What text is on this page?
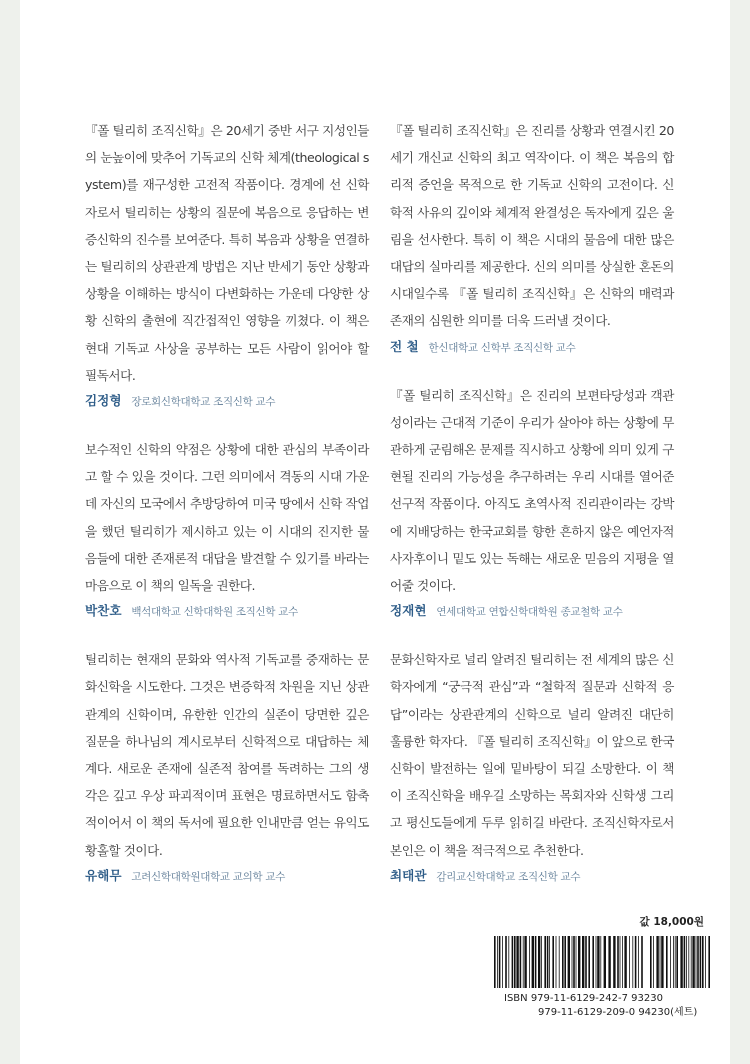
『폴 틸리히 조직신학』은 20세기 중반 서구 지성인들의 눈높이에 맞추어 기독교의 신학 체계(theological system)를 재구성한 고전적 작품이다. 경계에 선 신학자로서 틸리히는 상황의 질문에 복음으로 응답하는 변증신학의 진수를 보여준다. 특히 복음과 상황을 연결하는 틸리히의 상관관계 방법은 지난 반세기 동안 상황과 상황을 이해하는 방식이 다변화하는 가운데 다양한 상황 신학의 출현에 직간접적인 영향을 끼쳤다. 이 책은 현대 기독교 사상을 공부하는 모든 사람이 읽어야 할 필독서다.

김정형 장로회신학대학교 조직신학 교수

보수적인 신학의 약점은 상황에 대한 관심의 부족이라고 할 수 있을 것이다. 그런 의미에서 격동의 시대 가운데 자신의 모국에서 추방당하여 미국 땅에서 신학 작업을 했던 틸리히가 제시하고 있는 이 시대의 진지한 물음들에 대한 존재론적 대답을 발견할 수 있기를 바라는 마음으로 이 책의 일독을 권한다.

박찬호 백석대학교 신학대학원 조직신학 교수

틸리히는 현재의 문화와 역사적 기독교를 중재하는 문화신학을 시도한다. 그것은 변증학적 차원을 지닌 상관관계의 신학이며, 유한한 인간의 실존이 당면한 깊은 질문을 하나님의 계시로부터 신학적으로 대답하는 체계다. 새로운 존재에 실존적 참여를 독려하는 그의 생각은 깊고 우상 파괴적이며 표현은 명료하면서도 함축적이어서 이 책의 독서에 필요한 인내만큼 얻는 유익도 황홀할 것이다.

유해무 고려신학대학원대학교 교의학 교수

『폴 틸리히 조직신학』은 진리를 상황과 연결시킨 20세기 개신교 신학의 최고 역작이다. 이 책은 복음의 합리적 증언을 목적으로 한 기독교 신학의 고전이다. 신학적 사유의 깊이와 체계적 완결성은 독자에게 깊은 울림을 선사한다. 특히 이 책은 시대의 물음에 대한 많은 대답의 실마리를 제공한다. 신의 의미를 상실한 혼돈의 시대일수록 『폴 틸리히 조직신학』은 신학의 매력과 존재의 심원한 의미를 더욱 드러낼 것이다.

전 철 한신대학교 신학부 조직신학 교수

『폴 틸리히 조직신학』은 진리의 보편타당성과 객관성이라는 근대적 기준이 우리가 살아야 하는 상황에 무관하게 군림해온 문제를 직시하고 상황에 의미 있게 구현될 진리의 가능성을 추구하려는 우리 시대를 열어준 선구적 작품이다. 아직도 초역사적 진리관이라는 강박에 지배당하는 한국교회를 향한 흔하지 않은 예언자적 사자후이니 밑도 있는 독해는 새로운 믿음의 지평을 열어줄 것이다.

정재현 연세대학교 연합신학대학원 종교철학 교수

문화신학자로 널리 알려진 틸리히는 전 세계의 많은 신학자에게 “궁극적 관심”과 “철학적 질문과 신학적 응답”이라는 상관관계의 신학으로 널리 알려진 대단히 훌륭한 학자다. 『폴 틸리히 조직신학』이 앞으로 한국 신학이 발전하는 일에 밑바탕이 되길 소망한다. 이 책이 조직신학을 배우길 소망하는 목회자와 신학생 그리고 평신도들에게 두루 읽히길 바란다. 조직신학자로서 본인은 이 책을 적극적으로 추천한다.

최태관 감리교신학대학교 조직신학 교수
값 18,000원
ISBN 979-11-6129-242-7 93230
979-11-6129-209-0 94230(세트)
